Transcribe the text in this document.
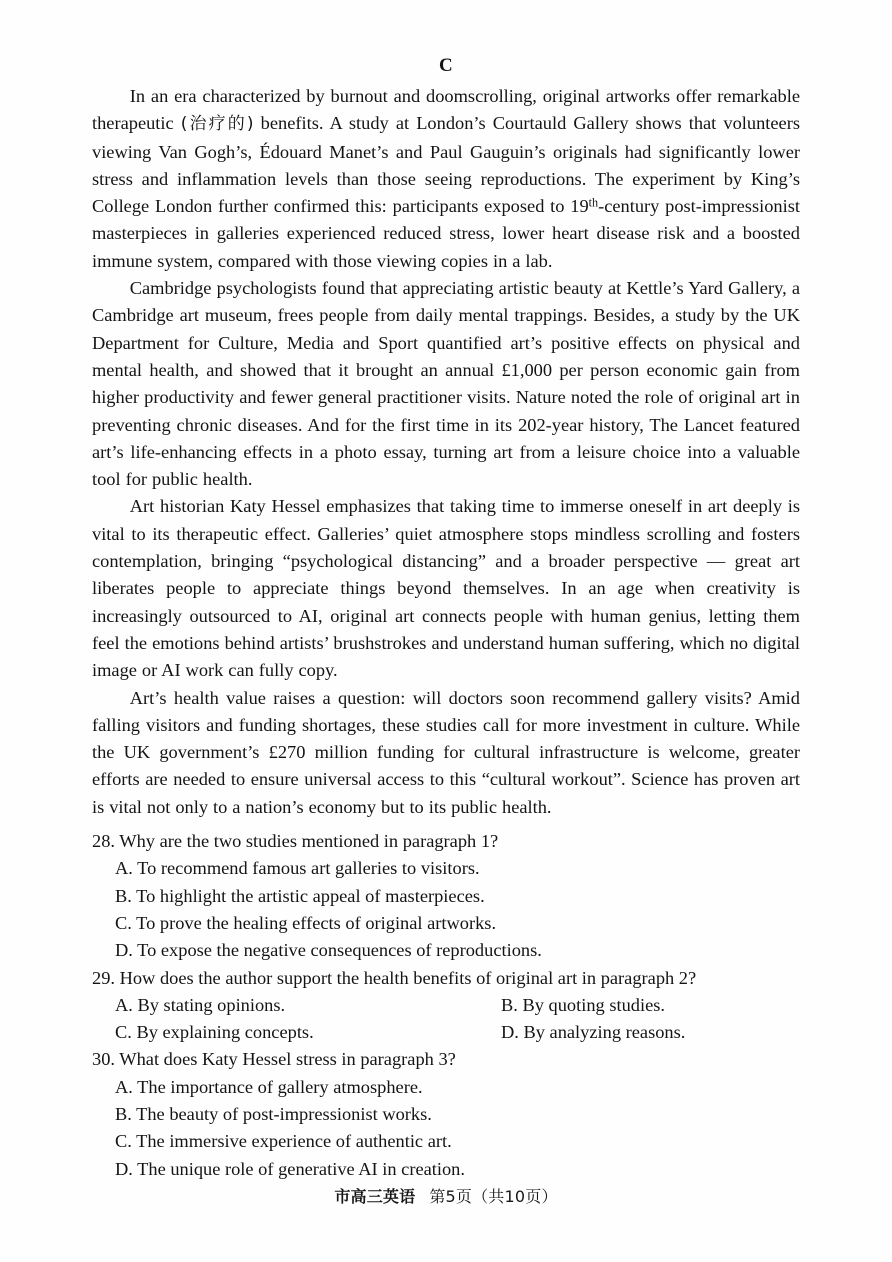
C

In an era characterized by burnout and doomscrolling, original artworks offer remarkable therapeutic (治疗的) benefits. A study at London’s Courtauld Gallery shows that volunteers viewing Van Gogh’s, Édouard Manet’s and Paul Gauguin’s originals had significantly lower stress and inflammation levels than those seeing reproductions. The experiment by King’s College London further confirmed this: participants exposed to 19th-century post-impressionist masterpieces in galleries experienced reduced stress, lower heart disease risk and a boosted immune system, compared with those viewing copies in a lab.

Cambridge psychologists found that appreciating artistic beauty at Kettle’s Yard Gallery, a Cambridge art museum, frees people from daily mental trappings. Besides, a study by the UK Department for Culture, Media and Sport quantified art’s positive effects on physical and mental health, and showed that it brought an annual £1,000 per person economic gain from higher productivity and fewer general practitioner visits. Nature noted the role of original art in preventing chronic diseases. And for the first time in its 202-year history, The Lancet featured art’s life-enhancing effects in a photo essay, turning art from a leisure choice into a valuable tool for public health.

Art historian Katy Hessel emphasizes that taking time to immerse oneself in art deeply is vital to its therapeutic effect. Galleries’ quiet atmosphere stops mindless scrolling and fosters contemplation, bringing “psychological distancing” and a broader perspective — great art liberates people to appreciate things beyond themselves. In an age when creativity is increasingly outsourced to AI, original art connects people with human genius, letting them feel the emotions behind artists’ brushstrokes and understand human suffering, which no digital image or AI work can fully copy.

Art’s health value raises a question: will doctors soon recommend gallery visits? Amid falling visitors and funding shortages, these studies call for more investment in culture. While the UK government’s £270 million funding for cultural infrastructure is welcome, greater efforts are needed to ensure universal access to this “cultural workout”. Science has proven art is vital not only to a nation’s economy but to its public health.

28. Why are the two studies mentioned in paragraph 1?

A. To recommend famous art galleries to visitors.
B. To highlight the artistic appeal of masterpieces.
C. To prove the healing effects of original artworks.
D. To expose the negative consequences of reproductions.

29. How does the author support the health benefits of original art in paragraph 2?

A. By stating opinions.	B. By quoting studies.
C. By explaining concepts.	D. By analyzing reasons.

30. What does Katy Hessel stress in paragraph 3?

A. The importance of gallery atmosphere.
B. The beauty of post-impressionist works.
C. The immersive experience of authentic art.
D. The unique role of generative AI in creation.
市高三英语 第5页（共10页）
